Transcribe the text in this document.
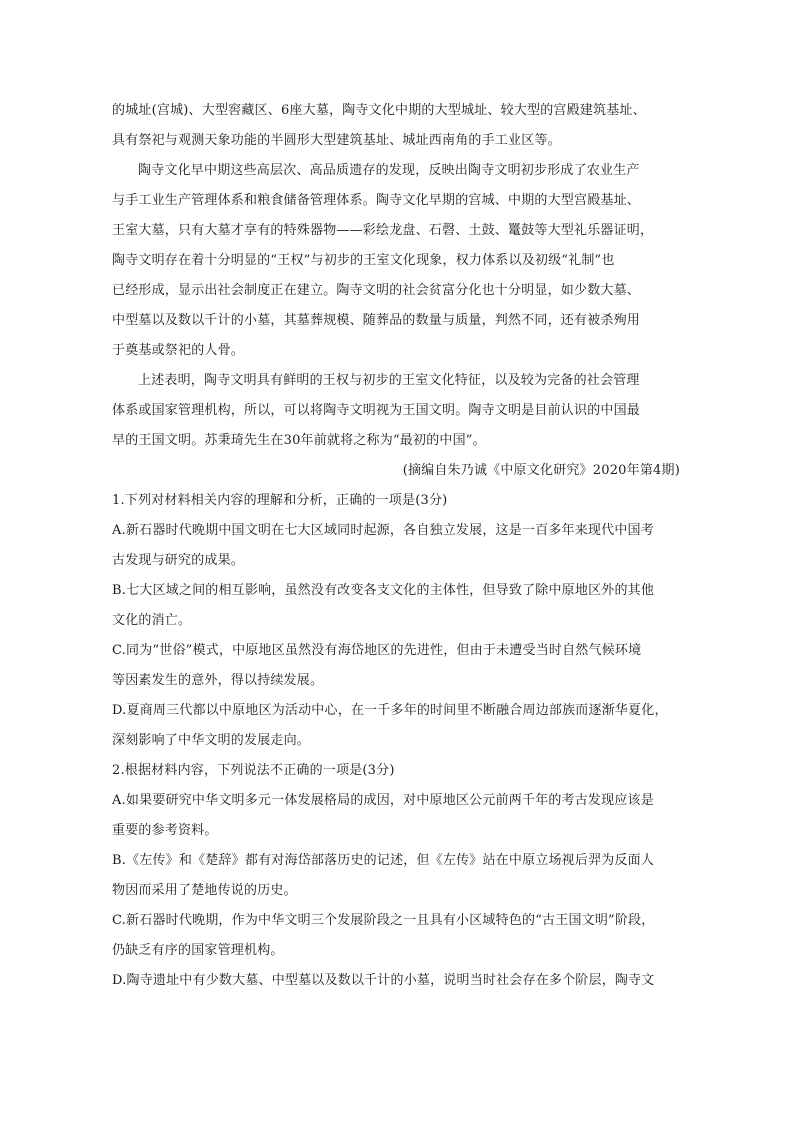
的城址(宫城)、大型窖藏区、6座大墓，陶寺文化中期的大型城址、较大型的宫殿建筑基址、
具有祭祀与观测天象功能的半圆形大型建筑基址、城址西南角的手工业区等。
陶寺文化早中期这些高层次、高品质遗存的发现，反映出陶寺文明初步形成了农业生产
与手工业生产管理体系和粮食储备管理体系。陶寺文化早期的宫城、中期的大型宫殿基址、
王室大墓，只有大墓才享有的特殊器物——彩绘龙盘、石磬、土鼓、鼍鼓等大型礼乐器证明，
陶寺文明存在着十分明显的“王权”与初步的王室文化现象，权力体系以及初级“礼制”也
已经形成，显示出社会制度正在建立。陶寺文明的社会贫富分化也十分明显，如少数大墓、
中型墓以及数以千计的小墓，其墓葬规模、随葬品的数量与质量，判然不同，还有被杀殉用
于奠基或祭祀的人骨。
上述表明，陶寺文明具有鲜明的王权与初步的王室文化特征，以及较为完备的社会管理
体系或国家管理机构，所以，可以将陶寺文明视为王国文明。陶寺文明是目前认识的中国最
早的王国文明。苏秉琦先生在30年前就将之称为“最初的中国”。
(摘编自朱乃诚《中原文化研究》2020年第4期)
1.下列对材料相关内容的理解和分析，正确的一项是(3分)
A.新石器时代晚期中国文明在七大区域同时起源，各自独立发展，这是一百多年来现代中国考
古发现与研究的成果。
B.七大区域之间的相互影响，虽然没有改变各支文化的主体性，但导致了除中原地区外的其他
文化的消亡。
C.同为“世俗”模式，中原地区虽然没有海岱地区的先进性，但由于未遭受当时自然气候环境
等因素发生的意外，得以持续发展。
D.夏商周三代都以中原地区为活动中心，在一千多年的时间里不断融合周边部族而逐渐华夏化，
深刻影响了中华文明的发展走向。
2.根据材料内容，下列说法不正确的一项是(3分)
A.如果要研究中华文明多元一体发展格局的成因，对中原地区公元前两千年的考古发现应该是
重要的参考资料。
B.《左传》和《楚辞》都有对海岱部落历史的记述，但《左传》站在中原立场视后羿为反面人
物因而采用了楚地传说的历史。
C.新石器时代晚期，作为中华文明三个发展阶段之一且具有小区域特色的“古王国文明”阶段，
仍缺乏有序的国家管理机构。
D.陶寺遗址中有少数大墓、中型墓以及数以千计的小墓，说明当时社会存在多个阶层，陶寺文
